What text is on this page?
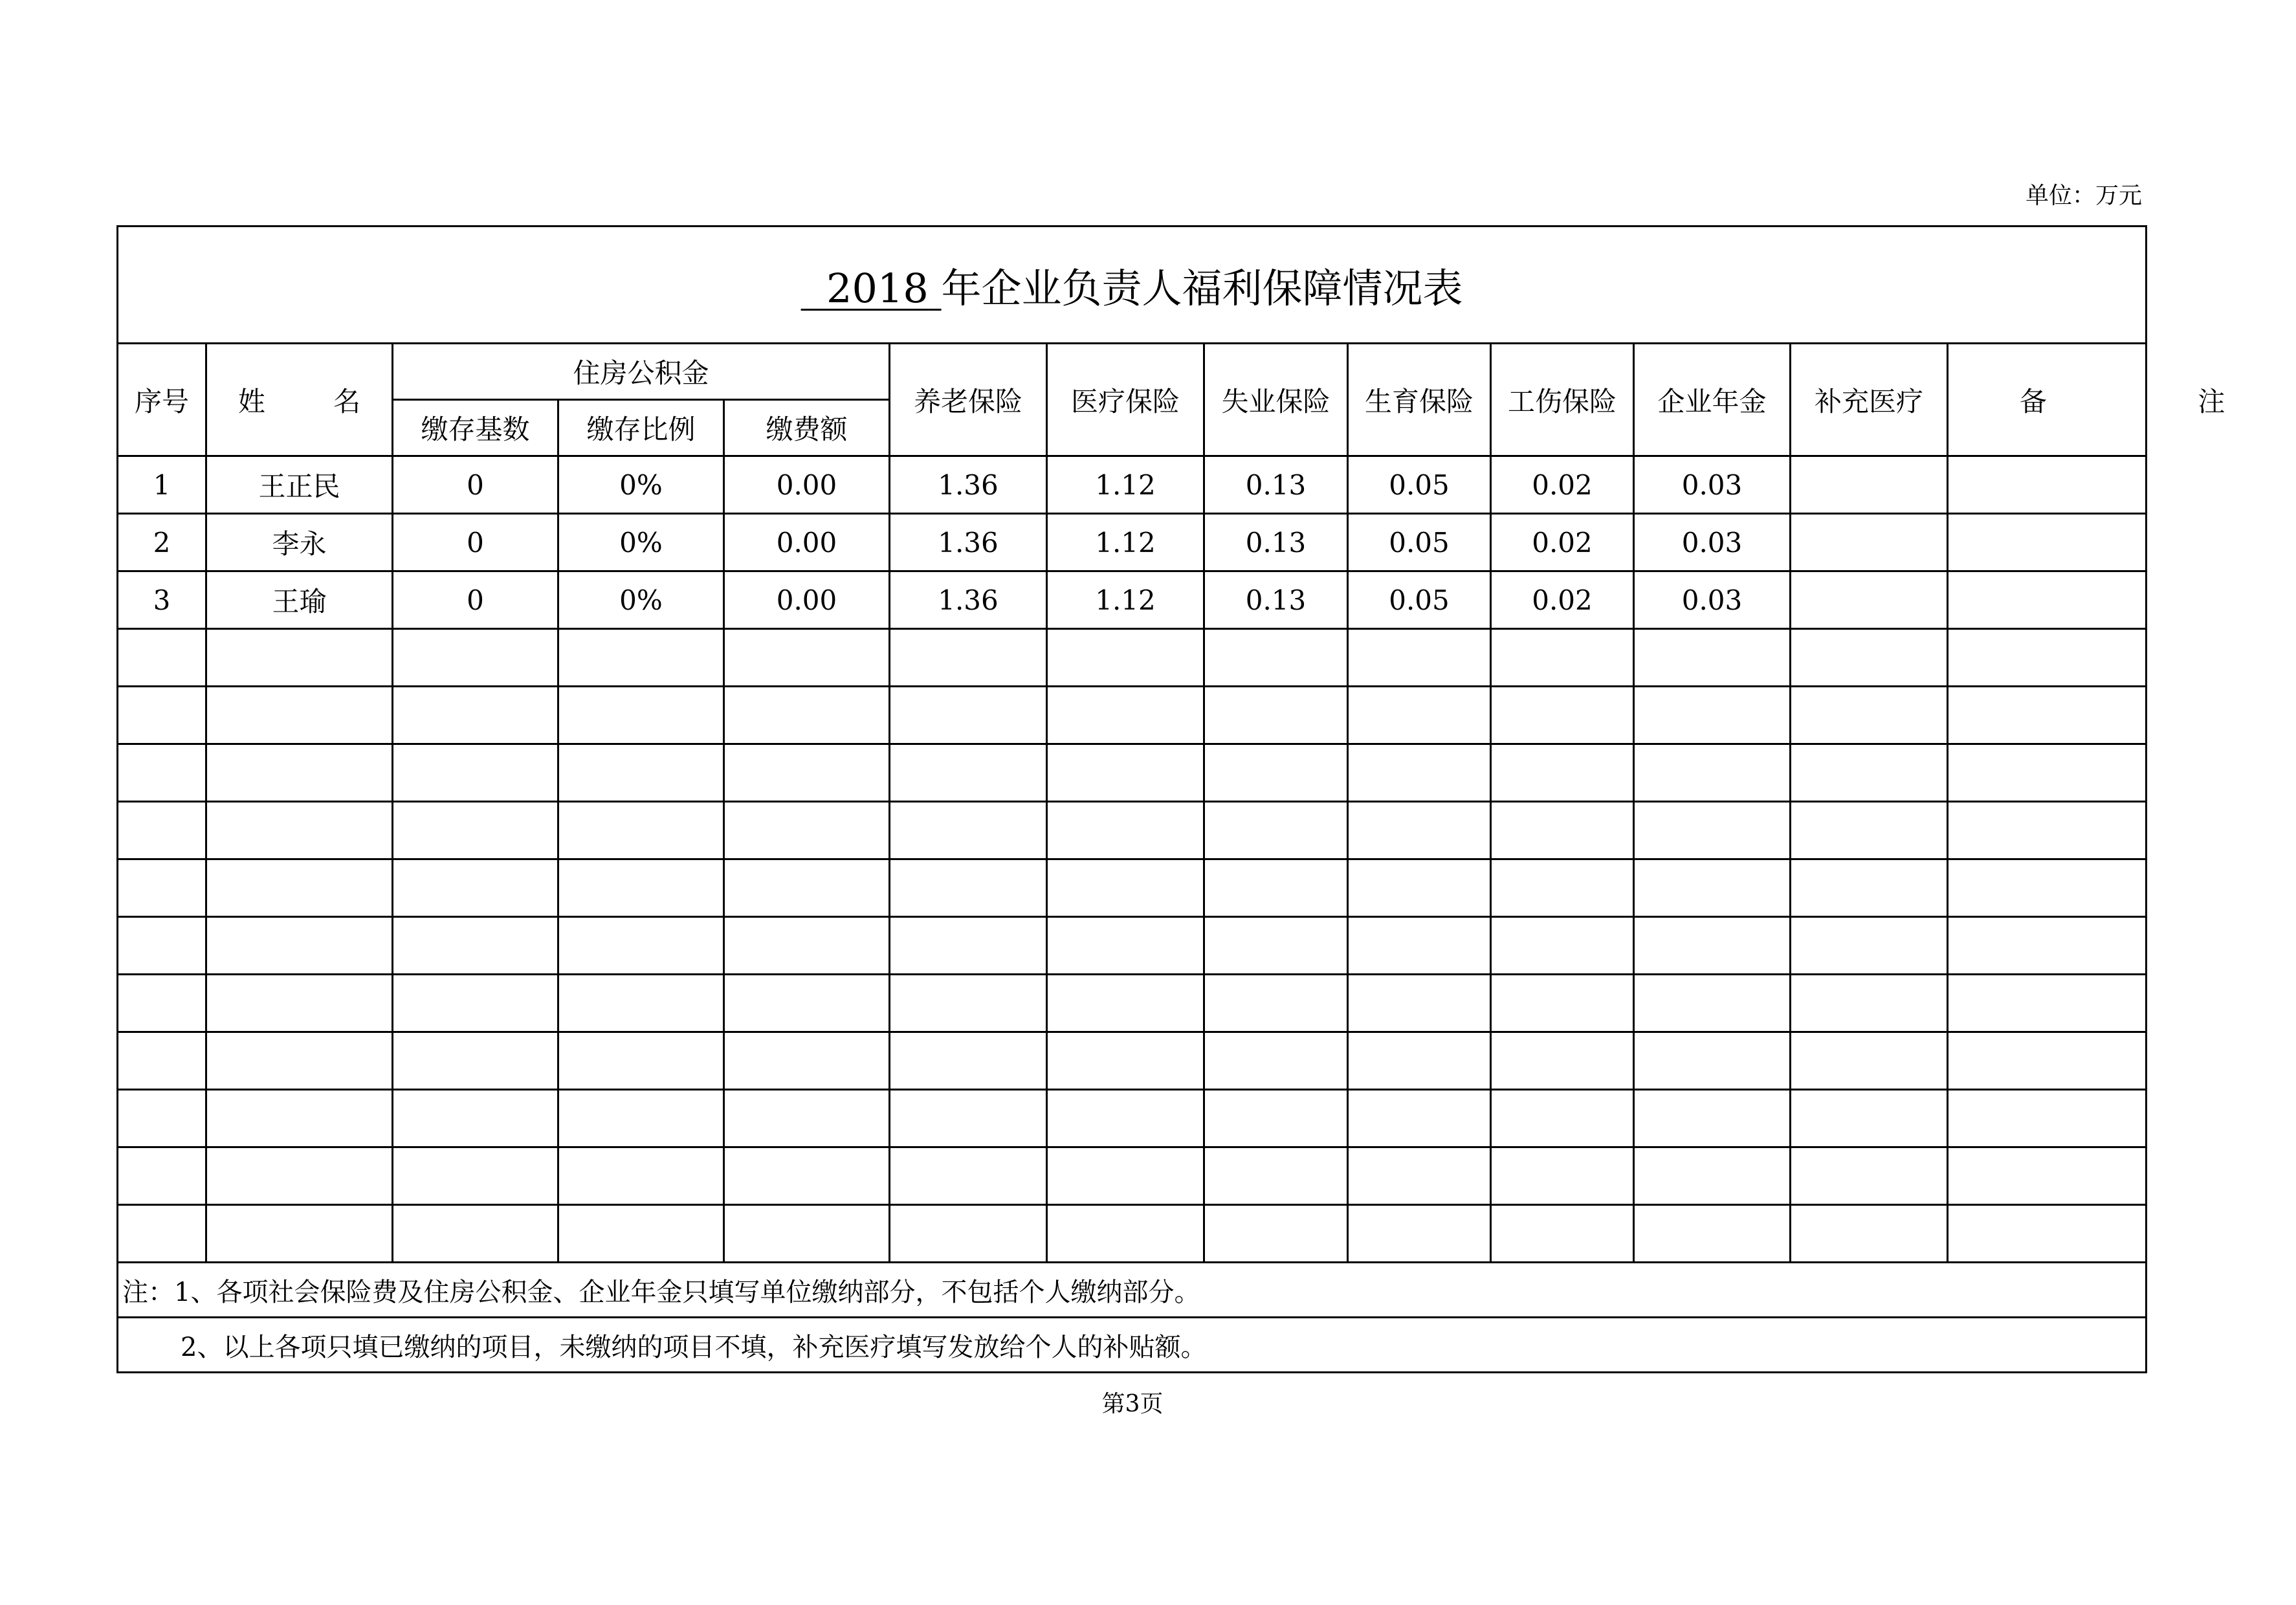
单位：万元
2018 年企业负责人福利保障情况表												
序号	姓 名	住房公积金			养老保险	医疗保险	失业保险	生育保险	工伤保险	企业年金	补充医疗	备 注
		缴存基数	缴存比例	缴费额								
1	王正民	0	0%	0.00	1.36	1.12	0.13	0.05	0.02	0.03		
2	李永	0	0%	0.00	1.36	1.12	0.13	0.05	0.02	0.03		
3	王瑜	0	0%	0.00	1.36	1.12	0.13	0.05	0.02	0.03		

注：1、各项社会保险费及住房公积金、企业年金只填写单位缴纳部分，不包括个人缴纳部分。												
2、以上各项只填已缴纳的项目，未缴纳的项目不填，补充医疗填写发放给个人的补贴额。												
第3页
